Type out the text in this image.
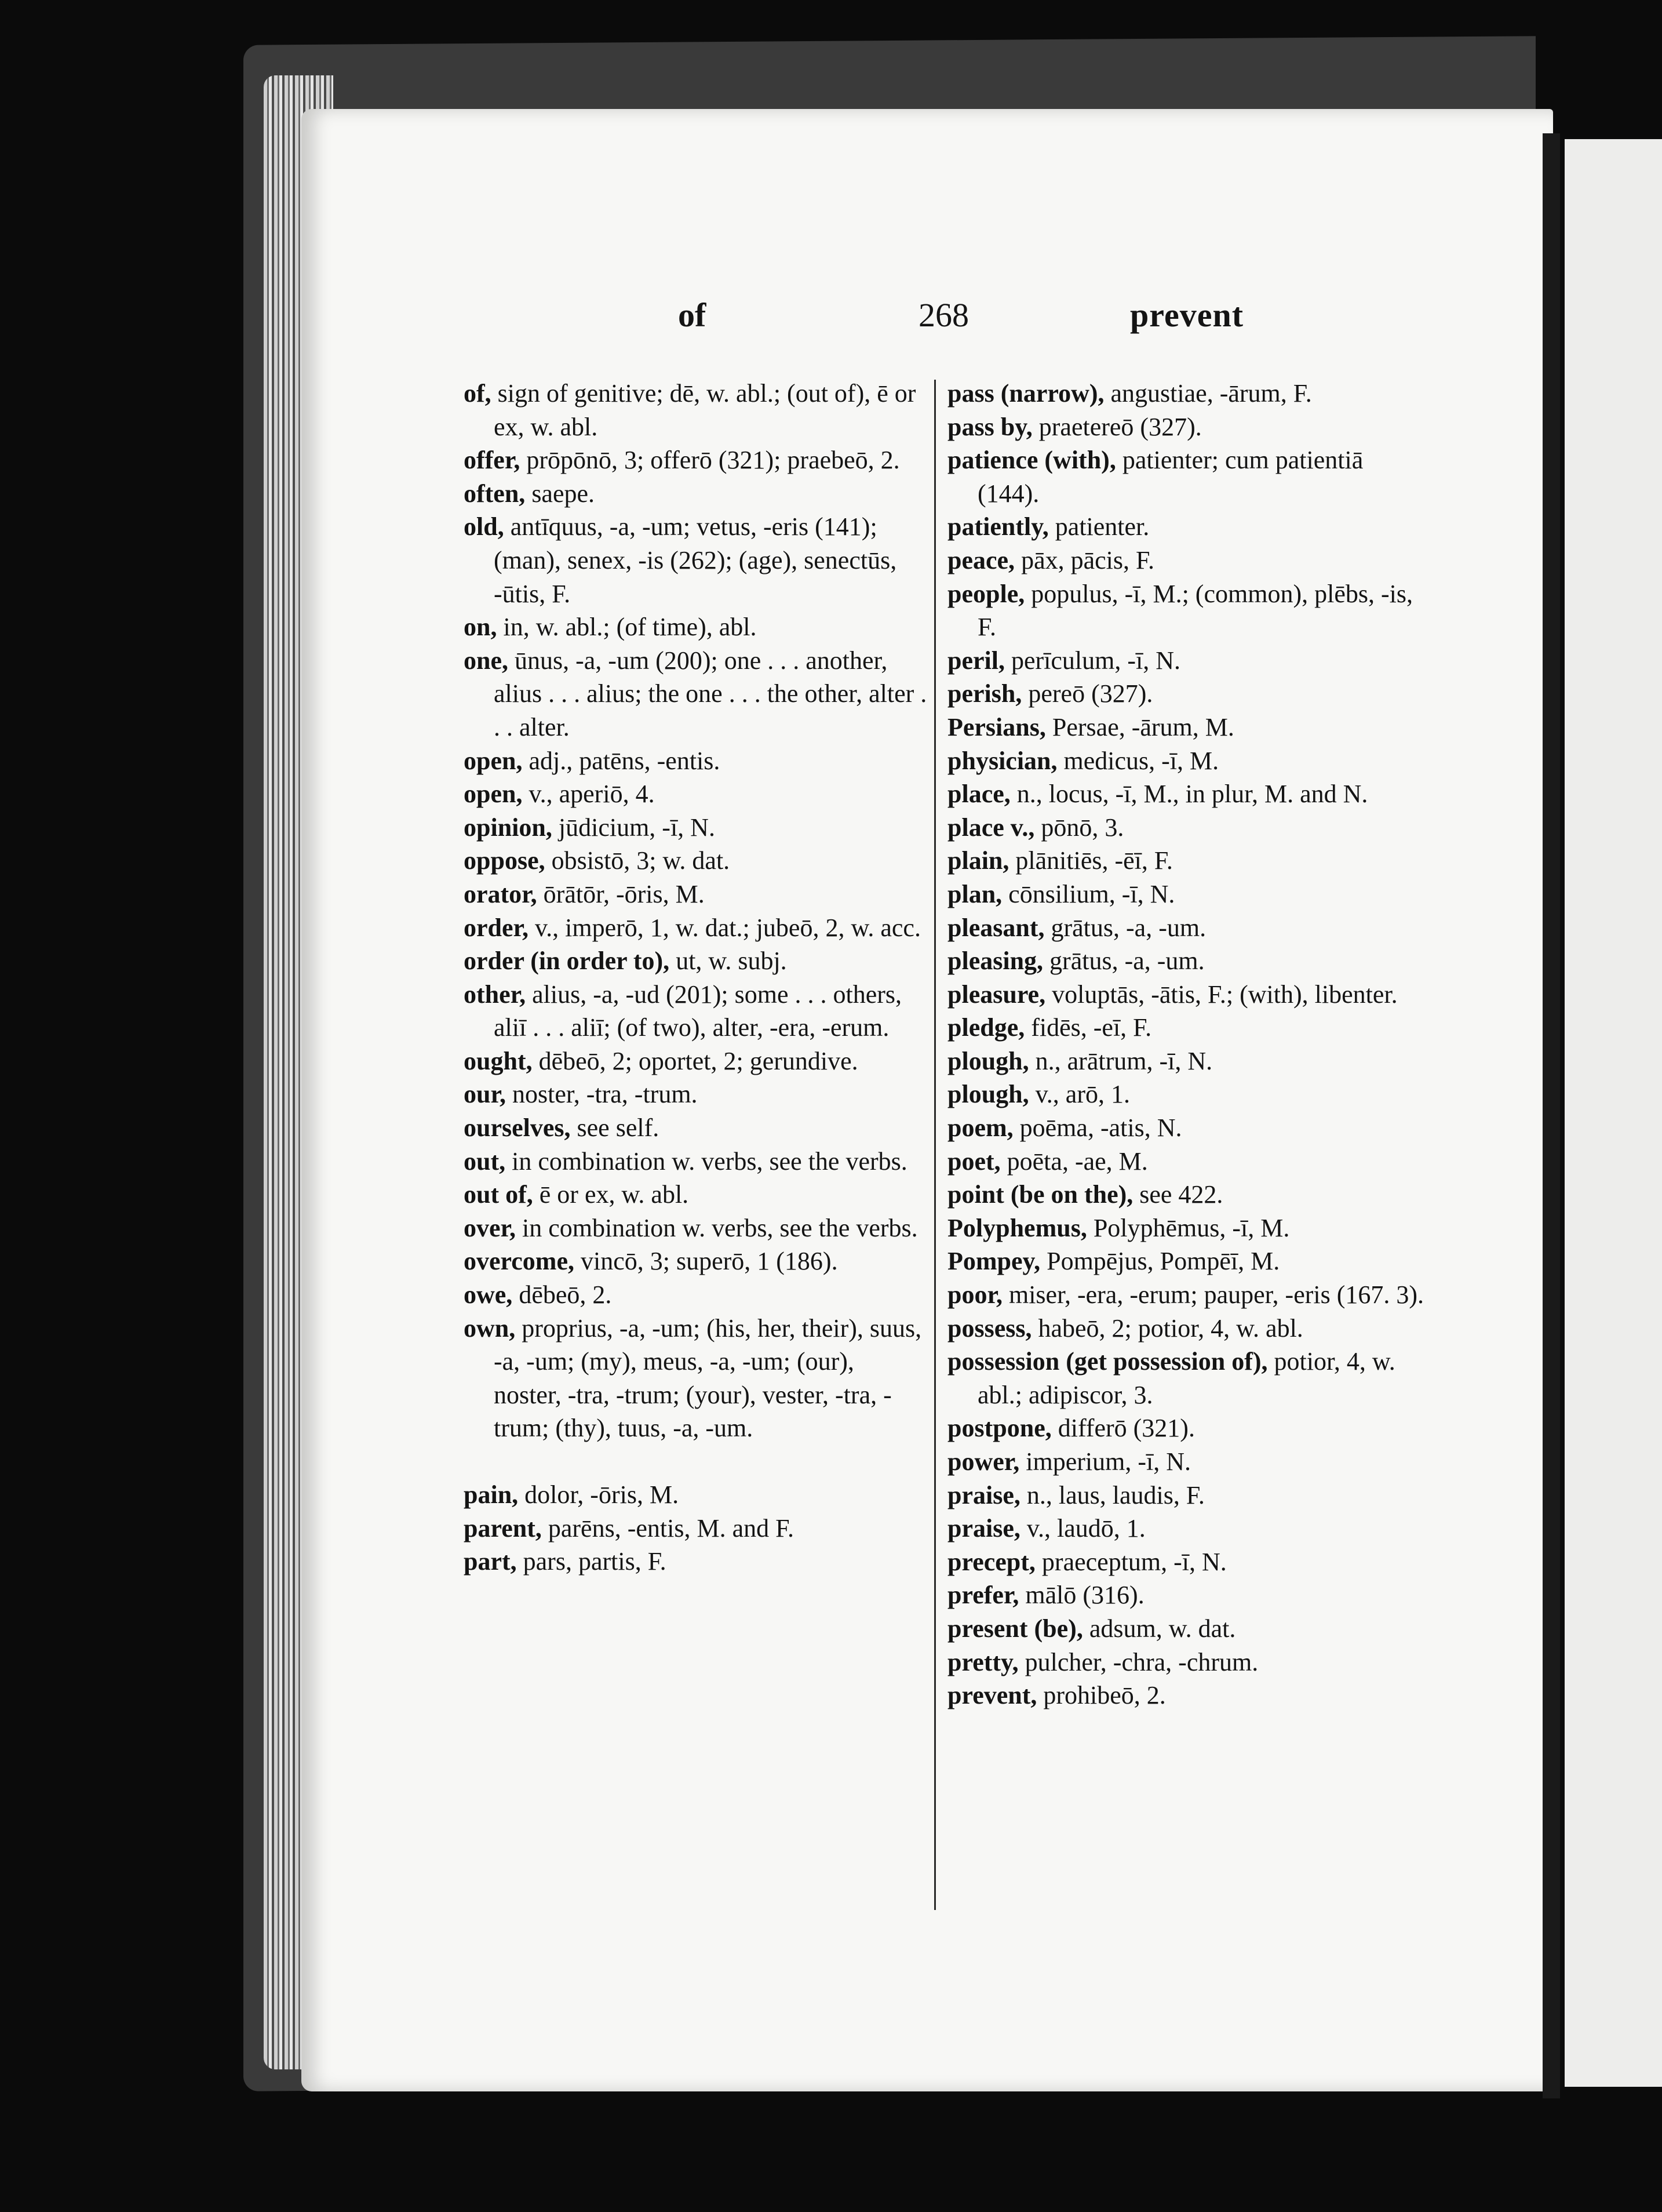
of	268	prevent

of, sign of genitive; dē, w. abl.; (out of), ē or ex, w. abl.

offer, prōpōnō, 3; offerō (321); praebeō, 2.

often, saepe.

old, antīquus, -a, -um; vetus, -eris (141); (man), senex, -is (262); (age), senectūs, -ūtis, F.

on, in, w. abl.; (of time), abl.

one, ūnus, -a, -um (200); one . . . another, alius . . . alius; the one . . . the other, alter . . . alter.

open, adj., patēns, -entis.

open, v., aperiō, 4.

opinion, jūdicium, -ī, N.

oppose, obsistō, 3; w. dat.

orator, ōrātōr, -ōris, M.

order, v., imperō, 1, w. dat.; jubeō, 2, w. acc.

order (in order to), ut, w. subj.

other, alius, -a, -ud (201); some . . . others, aliī . . . aliī; (of two), alter, -era, -erum.

ought, dēbeō, 2; oportet, 2; gerundive.

our, noster, -tra, -trum.

ourselves, see self.

out, in combination w. verbs, see the verbs.

out of, ē or ex, w. abl.

over, in combination w. verbs, see the verbs.

overcome, vincō, 3; superō, 1 (186).

owe, dēbeō, 2.

own, proprius, -a, -um; (his, her, their), suus, -a, -um; (my), meus, -a, -um; (our), noster, -tra, -trum; (your), vester, -tra, -trum; (thy), tuus, -a, -um.

pain, dolor, -ōris, M.

parent, parēns, -entis, M. and F.

part, pars, partis, F.

pass (narrow), angustiae, -ārum, F.

pass by, praetereō (327).

patience (with), patienter; cum patientiā (144).

patiently, patienter.

peace, pāx, pācis, F.

people, populus, -ī, M.; (common), plēbs, -is, F.

peril, perīculum, -ī, N.

perish, pereō (327).

Persians, Persae, -ārum, M.

physician, medicus, -ī, M.

place, n., locus, -ī, M., in plur, M. and N.

place v., pōnō, 3.

plain, plānitiēs, -ēī, F.

plan, cōnsilium, -ī, N.

pleasant, grātus, -a, -um.

pleasing, grātus, -a, -um.

pleasure, voluptās, -ātis, F.; (with), libenter.

pledge, fidēs, -eī, F.

plough, n., arātrum, -ī, N.

plough, v., arō, 1.

poem, poēma, -atis, N.

poet, poēta, -ae, M.

point (be on the), see 422.

Polyphemus, Polyphēmus, -ī, M.

Pompey, Pompējus, Pompēī, M.

poor, miser, -era, -erum; pauper, -eris (167. 3).

possess, habeō, 2; potior, 4, w. abl.

possession (get possession of), potior, 4, w. abl.; adipiscor, 3.

postpone, differō (321).

power, imperium, -ī, N.

praise, n., laus, laudis, F.

praise, v., laudō, 1.

precept, praeceptum, -ī, N.

prefer, mālō (316).

present (be), adsum, w. dat.

pretty, pulcher, -chra, -chrum.

prevent, prohibeō, 2.
